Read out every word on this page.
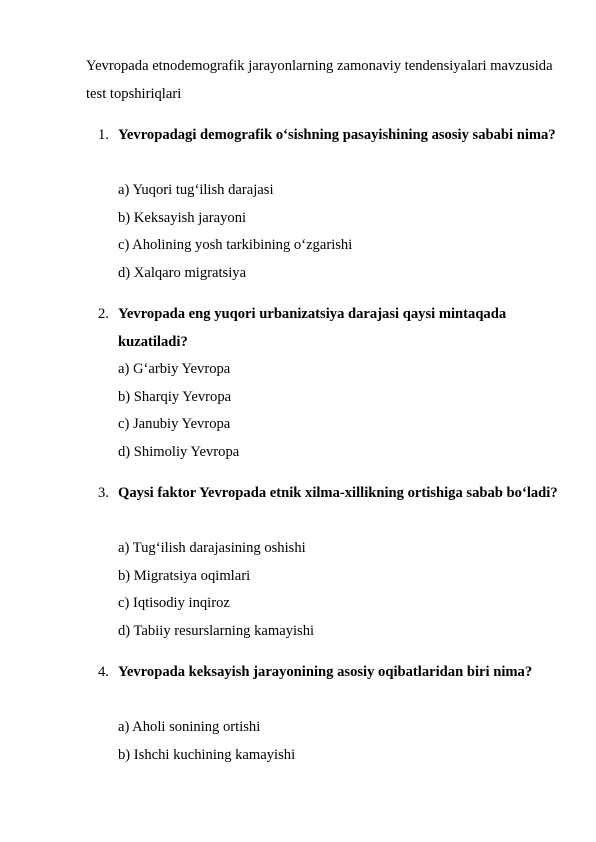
Yevropada etnodemografik jarayonlarning zamonaviy tendensiyalari mavzusida test topshiriqlari

1. Yevropadagi demografik o‘sishning pasayishining asosiy sababi nima?

a) Yuqori tug‘ilish darajasi
b) Keksayish jarayoni
c) Aholining yosh tarkibining o‘zgarishi
d) Xalqaro migratsiya
2. Yevropada eng yuqori urbanizatsiya darajasi qaysi mintaqada kuzatiladi?

a) G‘arbiy Yevropa
b) Sharqiy Yevropa
c) Janubiy Yevropa
d) Shimoliy Yevropa
3. Qaysi faktor Yevropada etnik xilma-xillikning ortishiga sabab bo‘ladi?

a) Tug‘ilish darajasining oshishi
b) Migratsiya oqimlari
c) Iqtisodiy inqiroz
d) Tabiiy resurslarning kamayishi
4. Yevropada keksayish jarayonining asosiy oqibatlaridan biri nima?

a) Aholi sonining ortishi
b) Ishchi kuchining kamayishi
